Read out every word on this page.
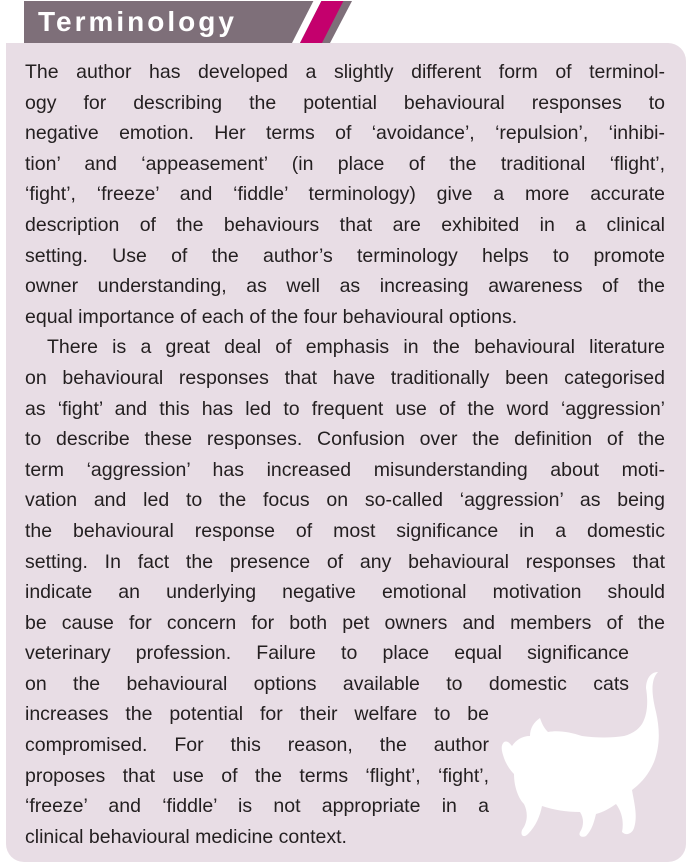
Terminology

The author has developed a slightly different form of terminol-
ogy for describing the potential behavioural responses to
negative emotion. Her terms of ‘avoidance’, ‘repulsion’, ‘inhibi-
tion’ and ‘appeasement’ (in place of the traditional ‘flight’,
‘fight’, ‘freeze’ and ‘fiddle’ terminology) give a more accurate
description of the behaviours that are exhibited in a clinical
setting. Use of the author’s terminology helps to promote
owner understanding, as well as increasing awareness of the
equal importance of each of the four behavioural options.

There is a great deal of emphasis in the behavioural literature
on behavioural responses that have traditionally been categorised
as ‘fight’ and this has led to frequent use of the word ‘aggression’
to describe these responses. Confusion over the definition of the
term ‘aggression’ has increased misunderstanding about moti-
vation and led to the focus on so-called ‘aggression’ as being
the behavioural response of most significance in a domestic
setting. In fact the presence of any behavioural responses that
indicate an underlying negative emotional motivation should
be cause for concern for both pet owners and members of the
veterinary profession. Failure to place equal significance
on the behavioural options available to domestic cats
increases the potential for their welfare to be
compromised. For this reason, the author
proposes that use of the terms ‘flight’, ‘fight’,
‘freeze’ and ‘fiddle’ is not appropriate in a
clinical behavioural medicine context.
